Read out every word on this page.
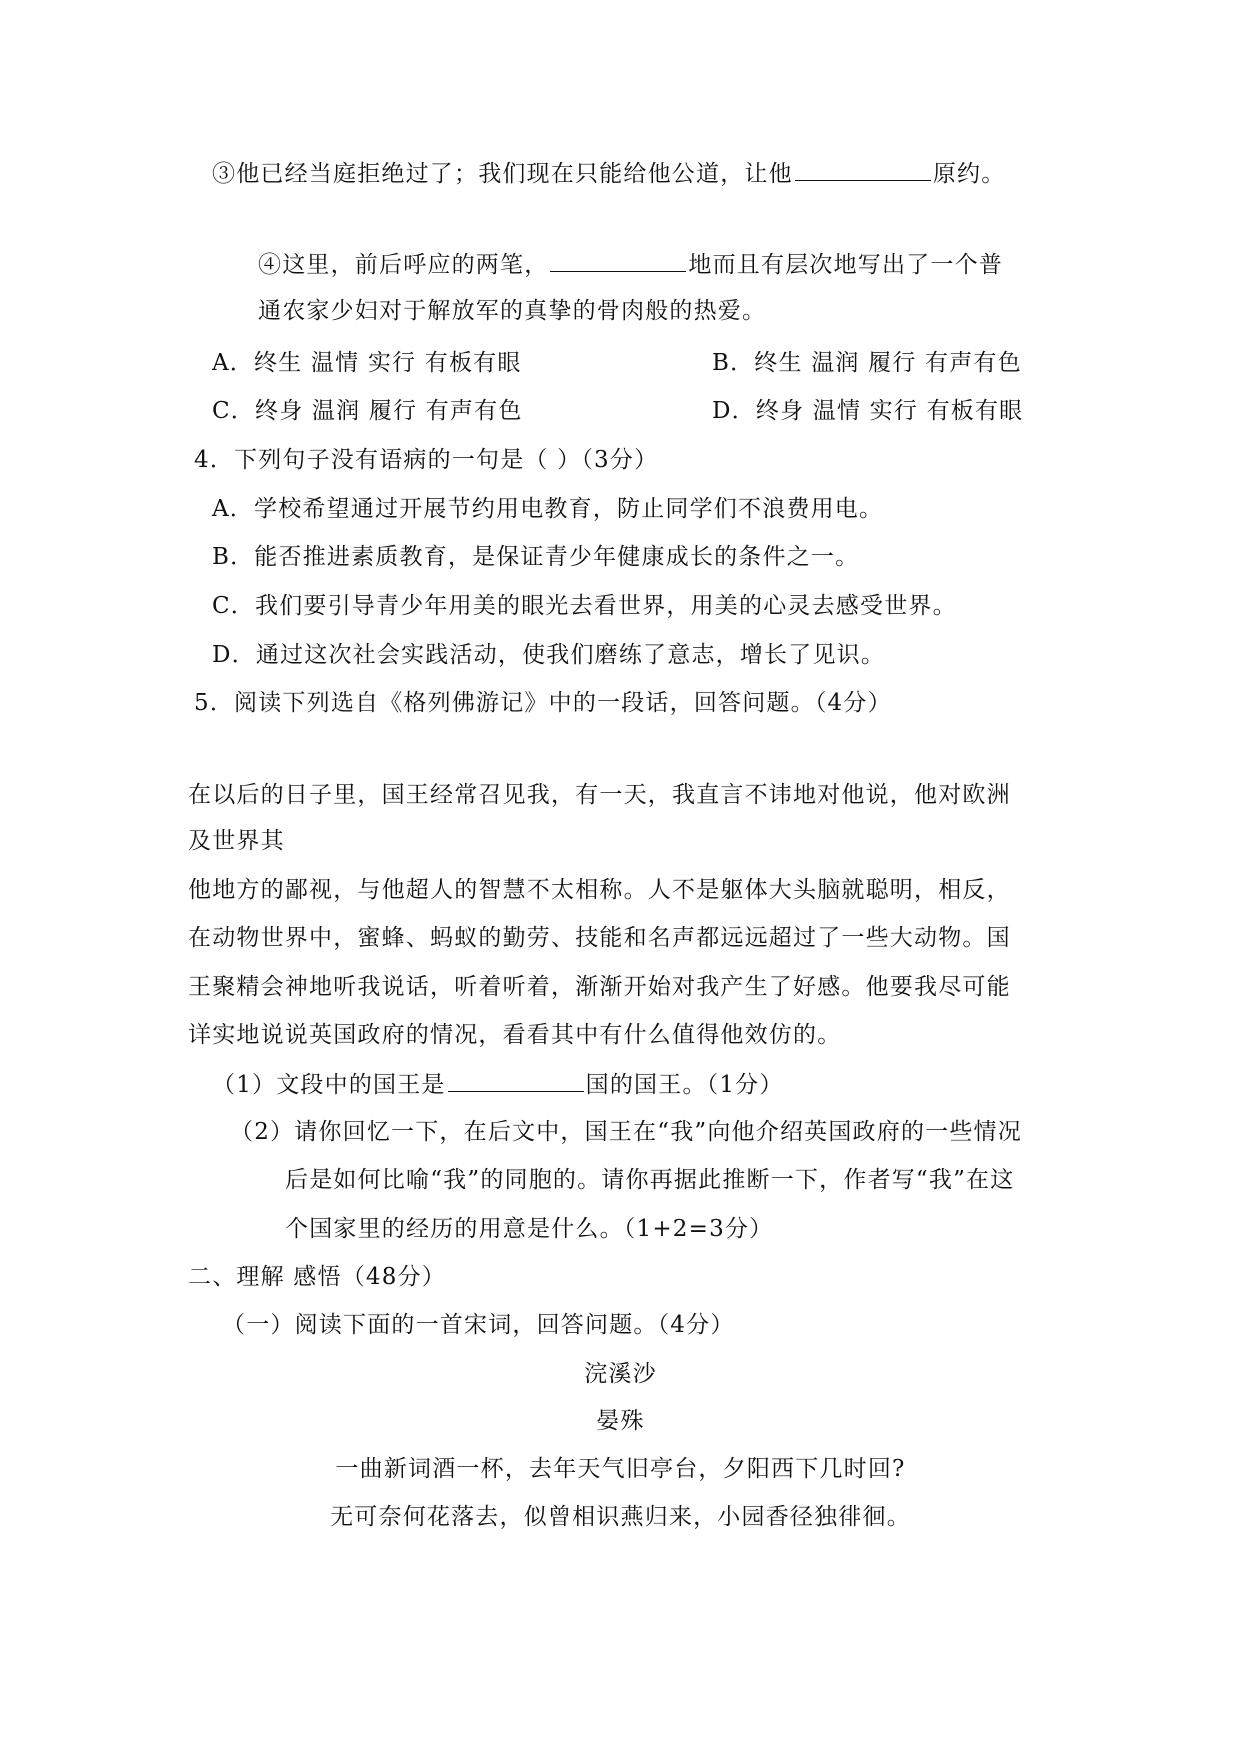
③他已经当庭拒绝过了；我们现在只能给他公道，让他	原约。
④这里，前后呼应的两笔，	地而且有层次地写出了一个普
通农家少妇对于解放军的真挚的骨肉般的热爱。
A．终生 温情 实行 有板有眼	B．终生 温润 履行 有声有色
C．终身 温润 履行 有声有色	D．终身 温情 实行 有板有眼
4．下列句子没有语病的一句是（ ）（3分）
A．学校希望通过开展节约用电教育，防止同学们不浪费用电。
B．能否推进素质教育，是保证青少年健康成长的条件之一。
C．我们要引导青少年用美的眼光去看世界，用美的心灵去感受世界。
D．通过这次社会实践活动，使我们磨练了意志，增长了见识。
5．阅读下列选自《格列佛游记》中的一段话，回答问题。（4分）
在以后的日子里，国王经常召见我，有一天，我直言不讳地对他说，他对欧洲
及世界其
他地方的鄙视，与他超人的智慧不太相称。人不是躯体大头脑就聪明，相反，
在动物世界中，蜜蜂、蚂蚁的勤劳、技能和名声都远远超过了一些大动物。国
王聚精会神地听我说话，听着听着，渐渐开始对我产生了好感。他要我尽可能
详实地说说英国政府的情况，看看其中有什么值得他效仿的。
（1）文段中的国王是	国的国王。（1分）
（2）请你回忆一下，在后文中，国王在“我”向他介绍英国政府的一些情况
后是如何比喻“我”的同胞的。请你再据此推断一下，作者写“我”在这
个国家里的经历的用意是什么。（1+2=3分）
二、理解 感悟（48分）
（一）阅读下面的一首宋词，回答问题。（4分）
浣溪沙
晏殊
一曲新词酒一杯，去年天气旧亭台，夕阳西下几时回?
无可奈何花落去，似曾相识燕归来，小园香径独徘徊。
